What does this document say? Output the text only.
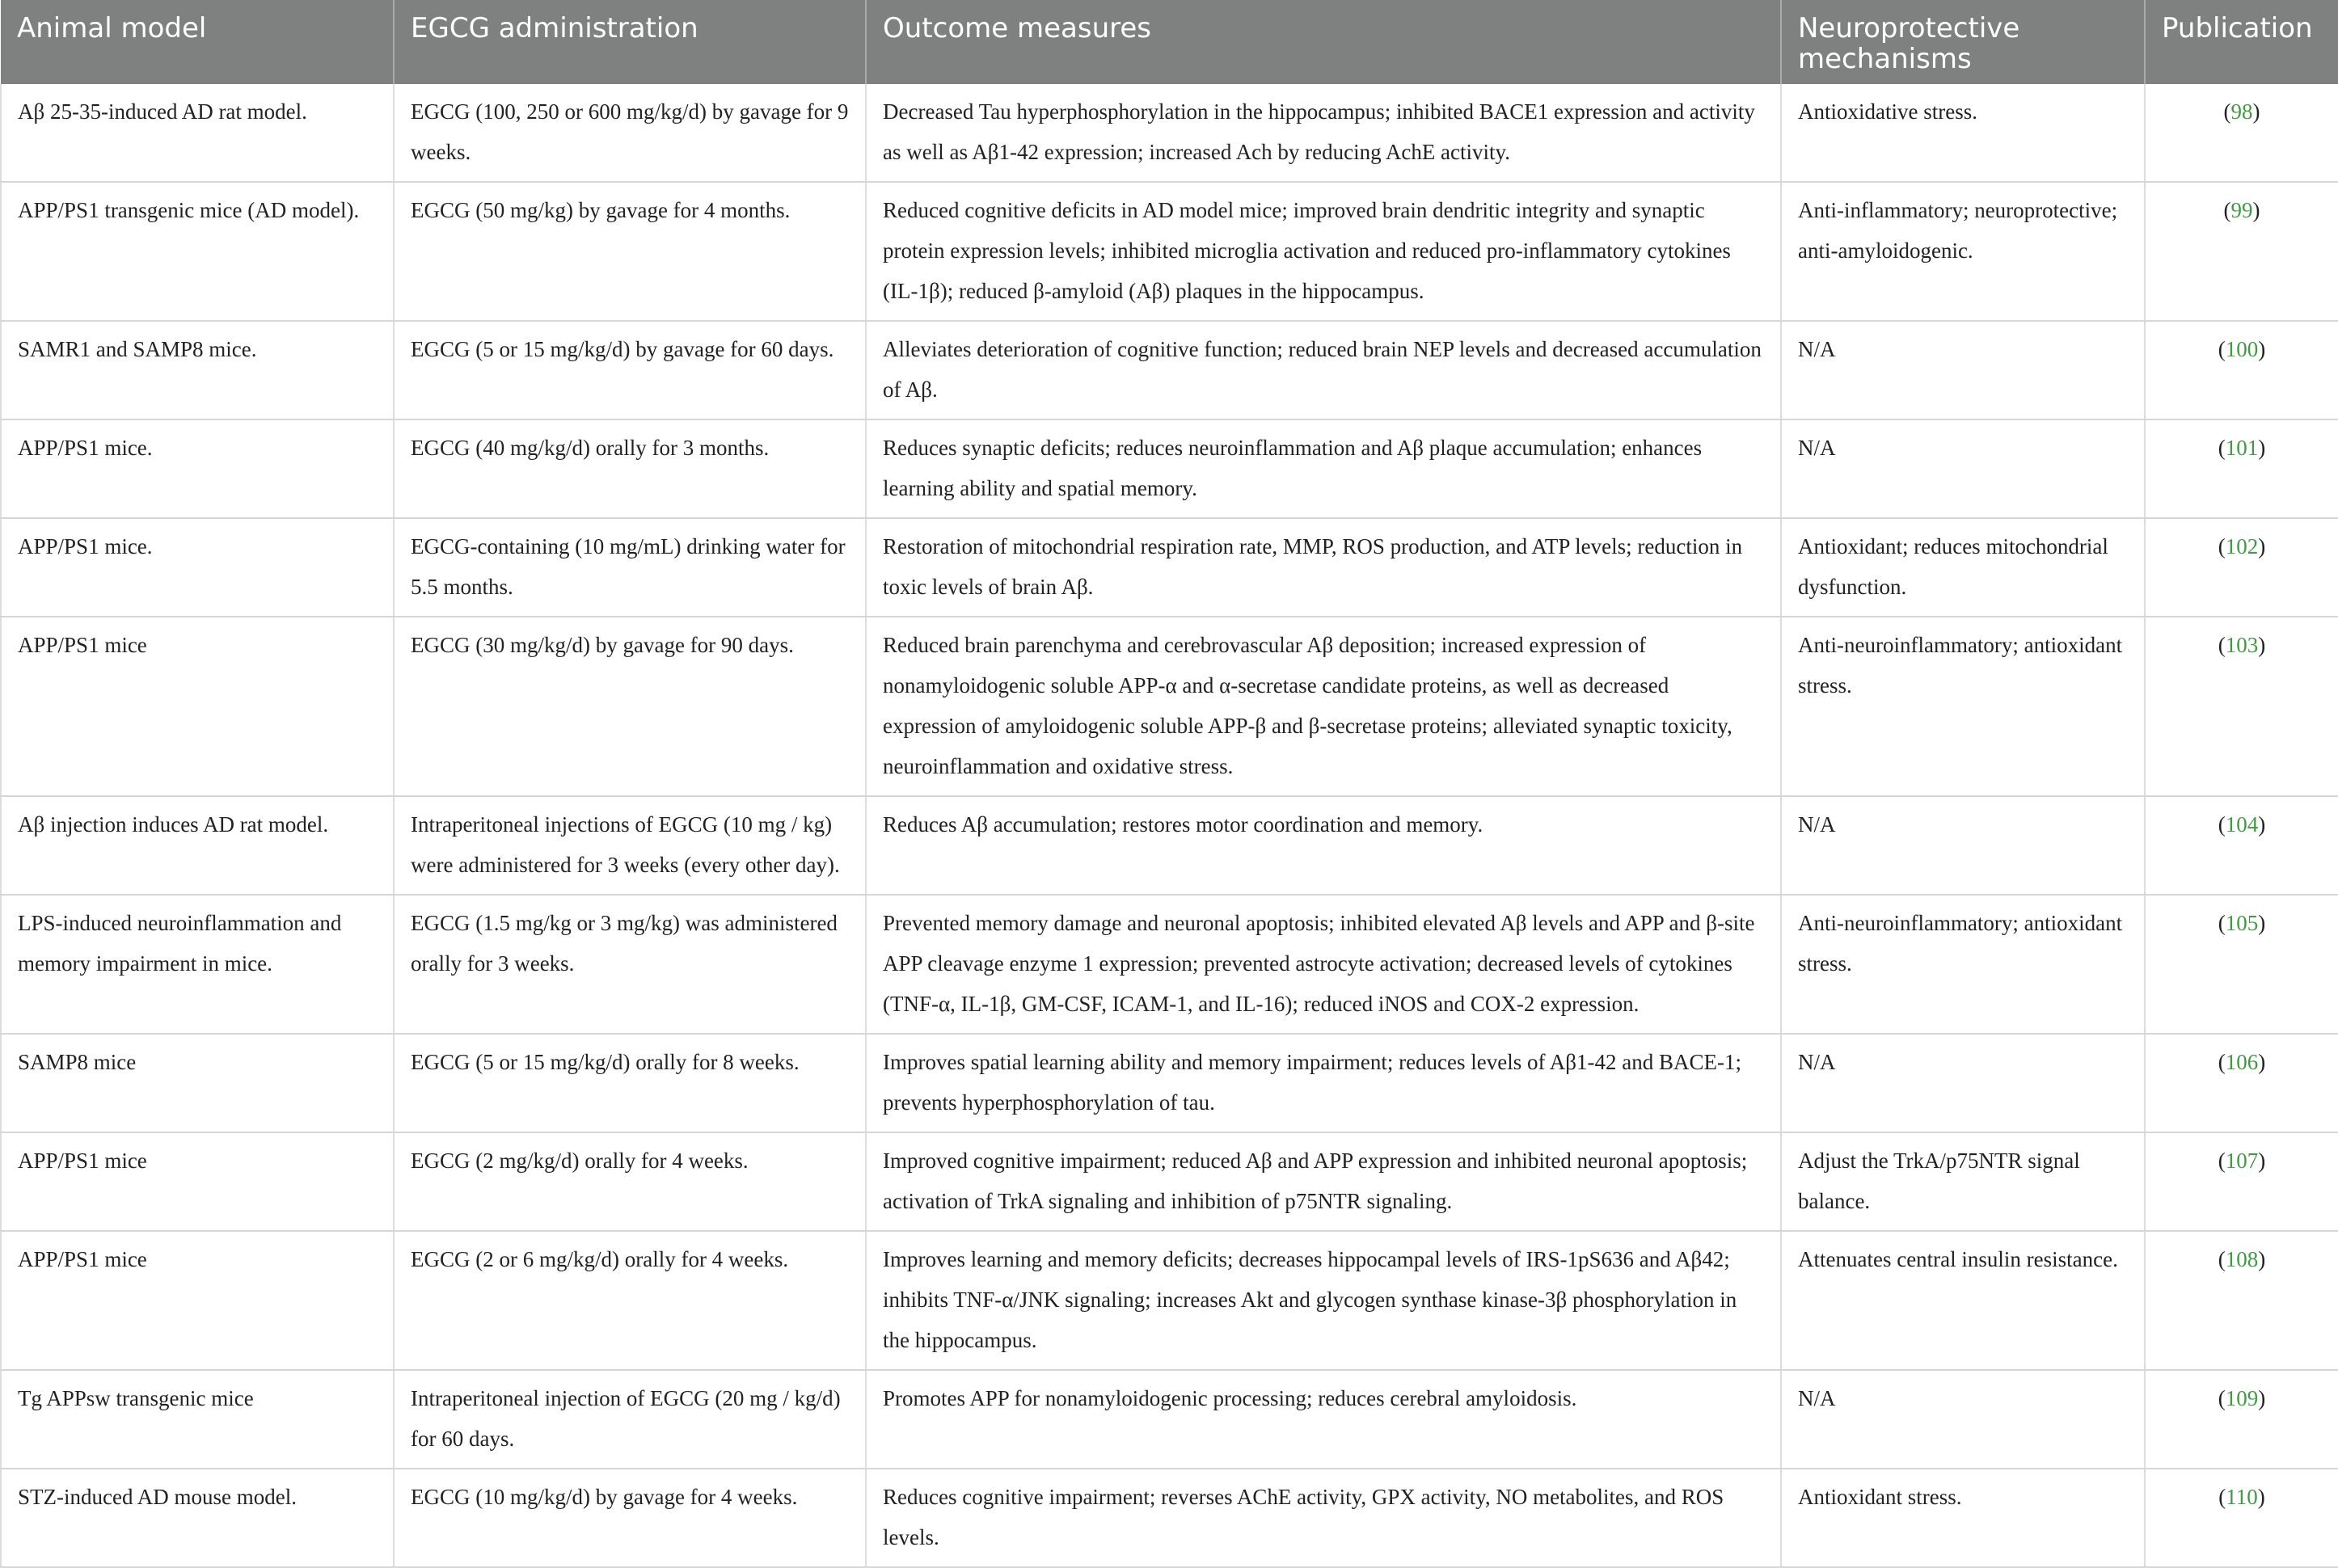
Animal model	EGCG administration	Outcome measures	Neuroprotective mechanisms	Publication
Aβ 25-35-induced AD rat model.	EGCG (100, 250 or 600 mg/kg/d) by gavage for 9 weeks.	Decreased Tau hyperphosphorylation in the hippocampus; inhibited BACE1 expression and activity as well as Aβ1-42 expression; increased Ach by reducing AchE activity.	Antioxidative stress.	(98)
APP/PS1 transgenic mice (AD model).	EGCG (50 mg/kg) by gavage for 4 months.	Reduced cognitive deficits in AD model mice; improved brain dendritic integrity and synaptic protein expression levels; inhibited microglia activation and reduced pro-inflammatory cytokines (IL-1β); reduced β-amyloid (Aβ) plaques in the hippocampus.	Anti-inflammatory; neuroprotective; anti-amyloidogenic.	(99)
SAMR1 and SAMP8 mice.	EGCG (5 or 15 mg/kg/d) by gavage for 60 days.	Alleviates deterioration of cognitive function; reduced brain NEP levels and decreased accumulation of Aβ.	N/A	(100)
APP/PS1 mice.	EGCG (40 mg/kg/d) orally for 3 months.	Reduces synaptic deficits; reduces neuroinflammation and Aβ plaque accumulation; enhances learning ability and spatial memory.	N/A	(101)
APP/PS1 mice.	EGCG-containing (10 mg/mL) drinking water for 5.5 months.	Restoration of mitochondrial respiration rate, MMP, ROS production, and ATP levels; reduction in toxic levels of brain Aβ.	Antioxidant; reduces mitochondrial dysfunction.	(102)
APP/PS1 mice	EGCG (30 mg/kg/d) by gavage for 90 days.	Reduced brain parenchyma and cerebrovascular Aβ deposition; increased expression of nonamyloidogenic soluble APP-α and α-secretase candidate proteins, as well as decreased expression of amyloidogenic soluble APP-β and β-secretase proteins; alleviated synaptic toxicity, neuroinflammation and oxidative stress.	Anti-neuroinflammatory; antioxidant stress.	(103)
Aβ injection induces AD rat model.	Intraperitoneal injections of EGCG (10 mg / kg) were administered for 3 weeks (every other day).	Reduces Aβ accumulation; restores motor coordination and memory.	N/A	(104)
LPS-induced neuroinflammation and memory impairment in mice.	EGCG (1.5 mg/kg or 3 mg/kg) was administered orally for 3 weeks.	Prevented memory damage and neuronal apoptosis; inhibited elevated Aβ levels and APP and β-site APP cleavage enzyme 1 expression; prevented astrocyte activation; decreased levels of cytokines (TNF-α, IL-1β, GM-CSF, ICAM-1, and IL-16); reduced iNOS and COX-2 expression.	Anti-neuroinflammatory; antioxidant stress.	(105)
SAMP8 mice	EGCG (5 or 15 mg/kg/d) orally for 8 weeks.	Improves spatial learning ability and memory impairment; reduces levels of Aβ1-42 and BACE-1; prevents hyperphosphorylation of tau.	N/A	(106)
APP/PS1 mice	EGCG (2 mg/kg/d) orally for 4 weeks.	Improved cognitive impairment; reduced Aβ and APP expression and inhibited neuronal apoptosis; activation of TrkA signaling and inhibition of p75NTR signaling.	Adjust the TrkA/p75NTR signal balance.	(107)
APP/PS1 mice	EGCG (2 or 6 mg/kg/d) orally for 4 weeks.	Improves learning and memory deficits; decreases hippocampal levels of IRS-1pS636 and Aβ42; inhibits TNF-α/JNK signaling; increases Akt and glycogen synthase kinase-3β phosphorylation in the hippocampus.	Attenuates central insulin resistance.	(108)
Tg APPsw transgenic mice	Intraperitoneal injection of EGCG (20 mg / kg/d) for 60 days.	Promotes APP for nonamyloidogenic processing; reduces cerebral amyloidosis.	N/A	(109)
STZ-induced AD mouse model.	EGCG (10 mg/kg/d) by gavage for 4 weeks.	Reduces cognitive impairment; reverses AChE activity, GPX activity, NO metabolites, and ROS levels.	Antioxidant stress.	(110)
